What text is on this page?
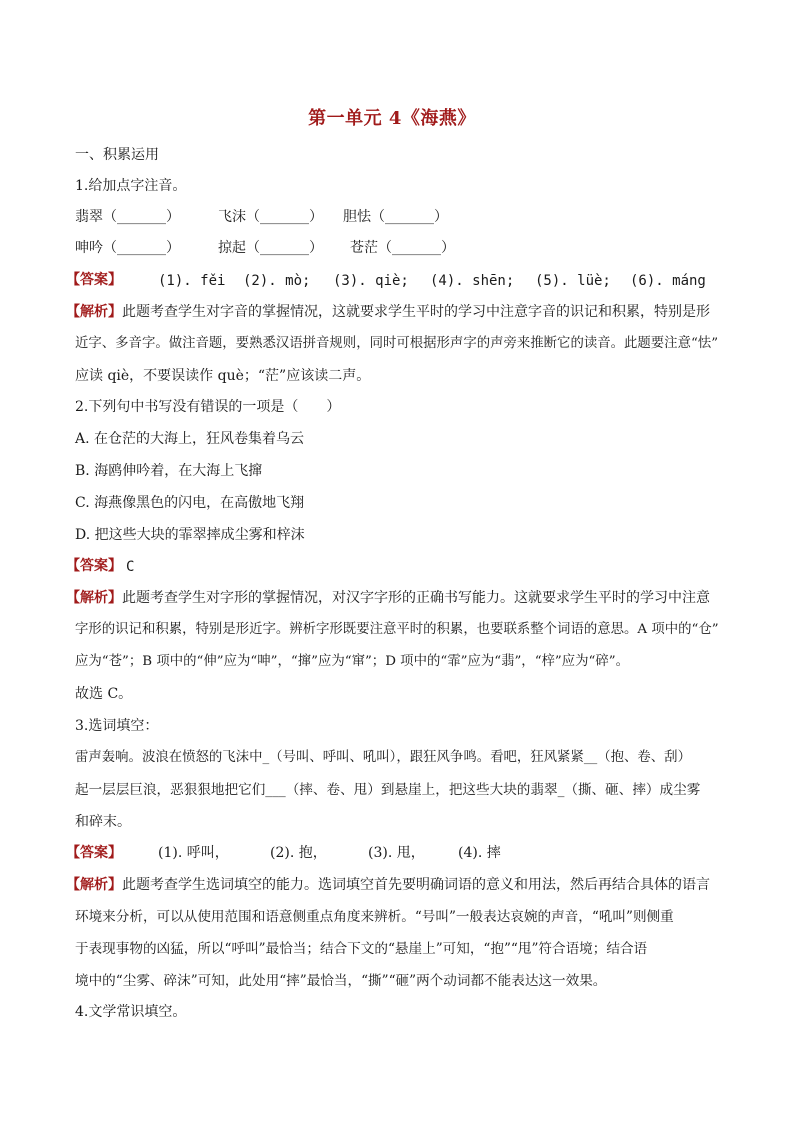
第一单元 4《海燕》
一、积累运用
1.给加点字注音。
翡翠（_______）	飞沫（_______） 胆怯（_______）
呻吟（_______）	掠起（_______） 苍茫（_______）
【答案】	(1). fěi (2). mò; (3). qiè; (4). shēn; (5). lüè; (6). máng
【解析】 此题考查学生对字音的掌握情况，这就要求学生平时的学习中注意字音的识记和积累，特别是形
近字、多音字。做注音题，要熟悉汉语拼音规则，同时可根据形声字的声旁来推断它的读音。此题要注意“怯”
应读 qiè，不要误读作 què；“茫”应该读二声。
2.下列句中书写没有错误的一项是（　　）
A. 在仓茫的大海上，狂风卷集着乌云
B. 海鸥伸吟着，在大海上飞撺
C. 海燕像黑色的闪电，在高傲地飞翔
D. 把这些大块的霏翠摔成尘雾和梓沫
【答案】 C
【解析】 此题考查学生对字形的掌握情况，对汉字字形的正确书写能力。这就要求学生平时的学习中注意
字形的识记和积累，特别是形近字。辨析字形既要注意平时的积累，也要联系整个词语的意思。A 项中的“仓”
应为“苍”；B 项中的“伸”应为“呻”，“撺”应为“窜”；D 项中的“霏”应为“翡”，“梓”应为“碎”。
故选 C。
3.选词填空：
雷声轰响。波浪在愤怒的飞沫中_（号叫、呼叫、吼叫），跟狂风争鸣。看吧，狂风紧紧__（抱、卷、刮）
起一层层巨浪，恶狠狠地把它们___（摔、卷、甩）到悬崖上，把这些大块的翡翠_（撕、砸、摔）成尘雾
和碎末。
【答案】	(1). 呼叫，	(2). 抱，	(3). 甩， (4). 摔
【解析】 此题考查学生选词填空的能力。选词填空首先要明确词语的意义和用法，然后再结合具体的语言
环境来分析，可以从使用范围和语意侧重点角度来辨析。“号叫”一般表达哀婉的声音，“吼叫”则侧重
于表现事物的凶猛，所以“呼叫”最恰当；结合下文的“悬崖上”可知，“抱”“甩”符合语境；结合语
境中的“尘雾、碎沫”可知，此处用“摔”最恰当，“撕”“砸”两个动词都不能表达这一效果。
4.文学常识填空。
